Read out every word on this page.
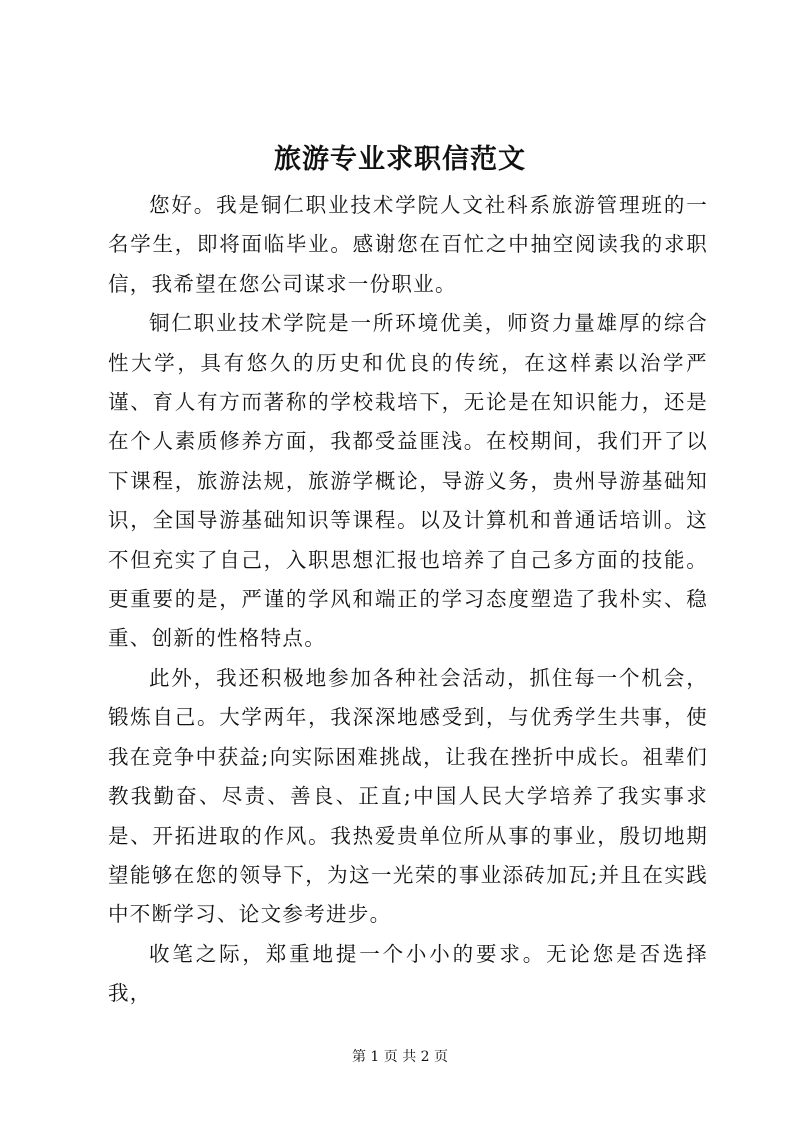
旅游专业求职信范文

您好。我是铜仁职业技术学院人文社科系旅游管理班的一名学生，即将面临毕业。感谢您在百忙之中抽空阅读我的求职信，我希望在您公司谋求一份职业。

铜仁职业技术学院是一所环境优美，师资力量雄厚的综合性大学，具有悠久的历史和优良的传统，在这样素以治学严谨、育人有方而著称的学校栽培下，无论是在知识能力，还是在个人素质修养方面，我都受益匪浅。在校期间，我们开了以下课程，旅游法规，旅游学概论，导游义务，贵州导游基础知识，全国导游基础知识等课程。以及计算机和普通话培训。这不但充实了自己，入职思想汇报也培养了自己多方面的技能。更重要的是，严谨的学风和端正的学习态度塑造了我朴实、稳重、创新的性格特点。

此外，我还积极地参加各种社会活动，抓住每一个机会，锻炼自己。大学两年，我深深地感受到，与优秀学生共事，使我在竞争中获益;向实际困难挑战，让我在挫折中成长。祖辈们教我勤奋、尽责、善良、正直;中国人民大学培养了我实事求是、开拓进取的作风。我热爱贵单位所从事的事业，殷切地期望能够在您的领导下，为这一光荣的事业添砖加瓦;并且在实践中不断学习、论文参考进步。

收笔之际，郑重地提一个小小的要求。无论您是否选择我，

第 1 页 共 2 页
